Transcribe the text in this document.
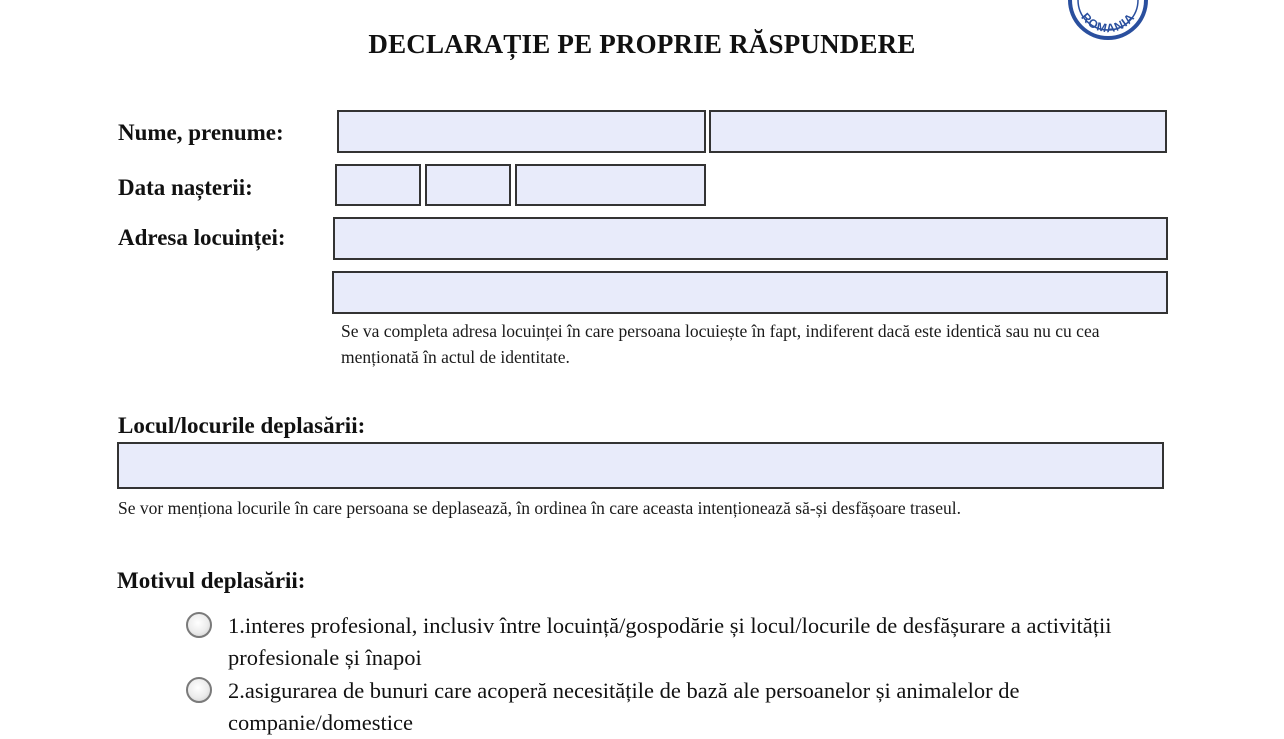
ROMANIA
DECLARAȚIE PE PROPRIE RĂSPUNDERE
Nume, prenume:
Data nașterii:
Adresa locuinței:
Se va completa adresa locuinței în care persoana locuiește în fapt, indiferent dacă este identică sau nu cu cea menționată în actul de identitate.
Locul/locurile deplasării:
Se vor menționa locurile în care persoana se deplasează, în ordinea în care aceasta intenționează să-și desfășoare traseul.
Motivul deplasării:
1.interes profesional, inclusiv între locuință/gospodărie și locul/locurile de desfășurare a activității profesionale și înapoi
2.asigurarea de bunuri care acoperă necesitățile de bază ale persoanelor și animalelor de companie/domestice
